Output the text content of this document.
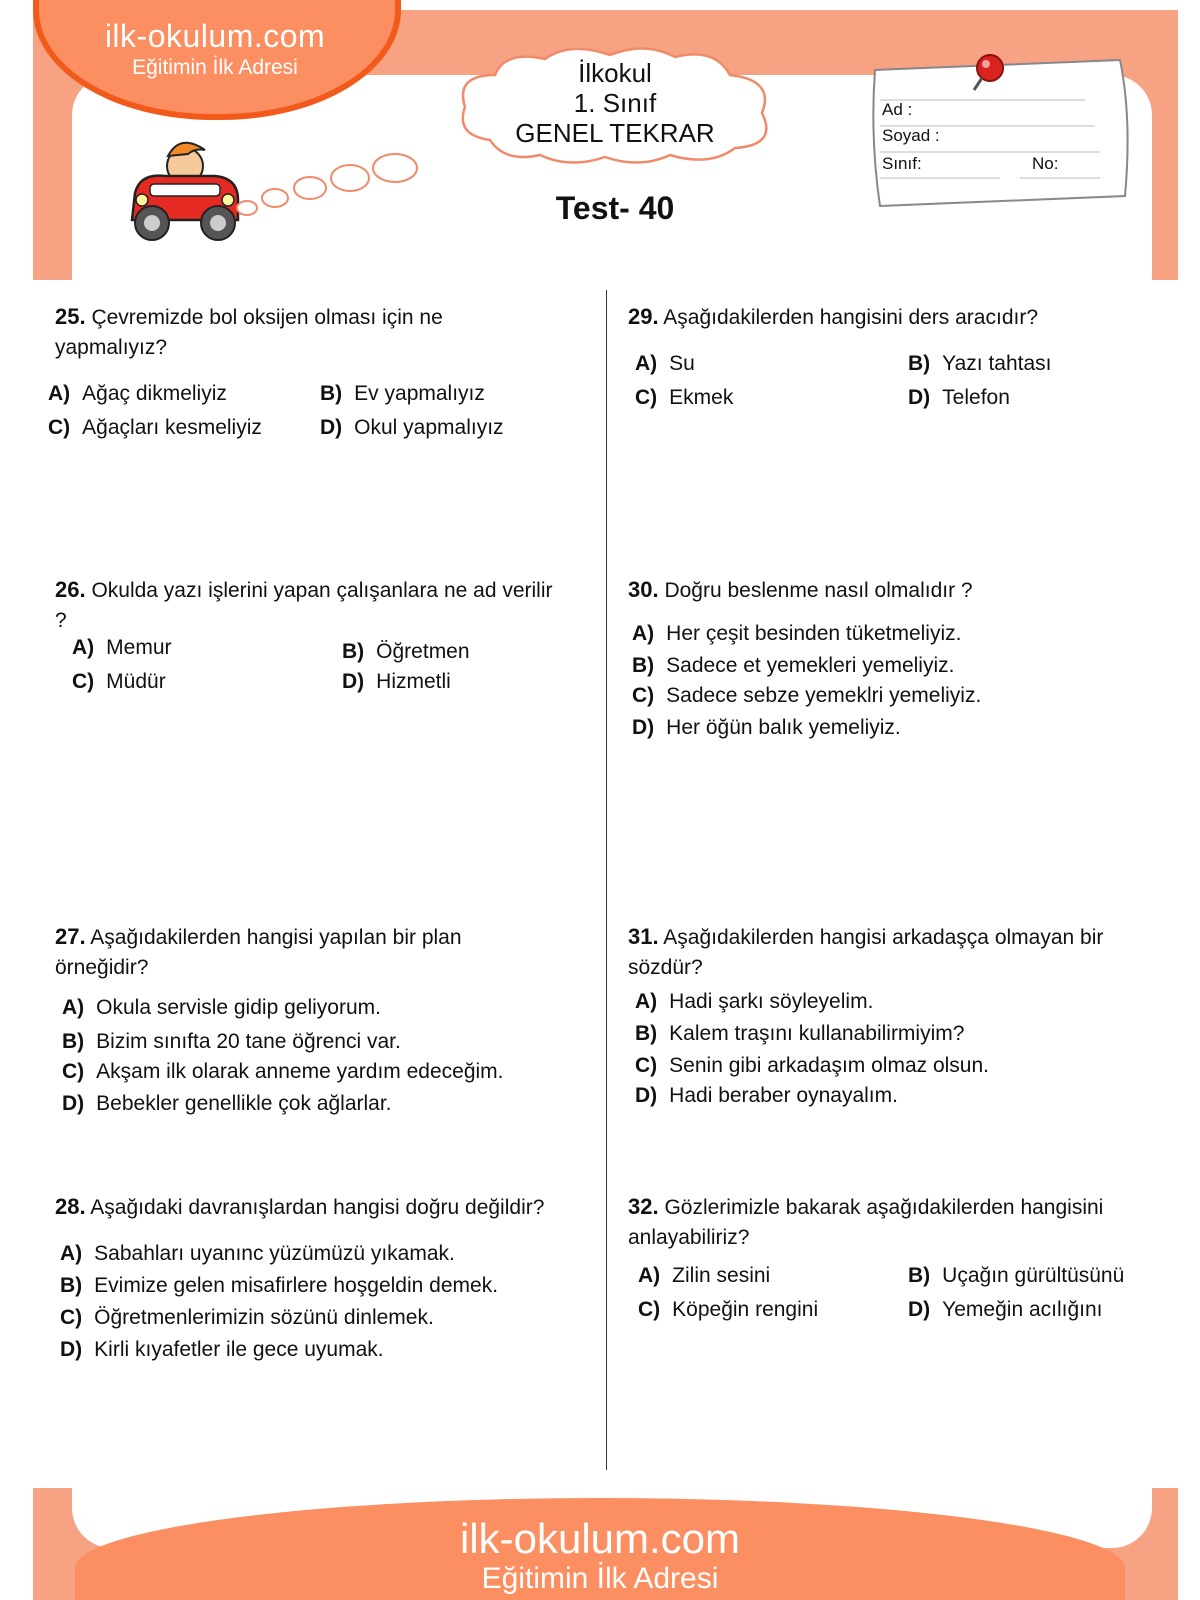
ilk-okulum.com
Eğitimin İlk Adresi	İlkokul
1. Sınıf
GENEL TEKRAR
Test- 40
Ad :
Soyad :
Sınıf:	No:
25. Çevremizde bol oksijen olması için ne yapmalıyız?
A) Ağaç dikmeliyiz	B) Ev yapmalıyız
C) Ağaçları kesmeliyiz	D) Okul yapmalıyız
26. Okulda yazı işlerini yapan çalışanlara ne ad verilir ?
A) Memur	B) Öğretmen
C) Müdür	D) Hizmetli
27. Aşağıdakilerden hangisi yapılan bir plan örneğidir?
A) Okula servisle gidip geliyorum.
B) Bizim sınıfta 20 tane öğrenci var.
C) Akşam ilk olarak anneme yardım edeceğim.
D) Bebekler genellikle çok ağlarlar.
28. Aşağıdaki davranışlardan hangisi doğru değildir?
A) Sabahları uyanınc yüzümüzü yıkamak.
B) Evimize gelen misafirlere hoşgeldin demek.
C) Öğretmenlerimizin sözünü dinlemek.
D) Kirli kıyafetler ile gece uyumak.
29. Aşağıdakilerden hangisini ders aracıdır?
A) Su	B) Yazı tahtası
C) Ekmek	D) Telefon
30. Doğru beslenme nasıl olmalıdır ?
A) Her çeşit besinden tüketmeliyiz.
B) Sadece et yemekleri yemeliyiz.
C) Sadece sebze yemeklri yemeliyiz.
D) Her öğün balık yemeliyiz.
31. Aşağıdakilerden hangisi arkadaşça olmayan bir sözdür?
A) Hadi şarkı söyleyelim.
B) Kalem traşını kullanabilirmiyim?
C) Senin gibi arkadaşım olmaz olsun.
D) Hadi beraber oynayalım.
32. Gözlerimizle bakarak aşağıdakilerden hangisini anlayabiliriz?
A) Zilin sesini	B) Uçağın gürültüsünü
C) Köpeğin rengini	D) Yemeğin acılığını
ilk-okulum.com
Eğitimin İlk Adresi
